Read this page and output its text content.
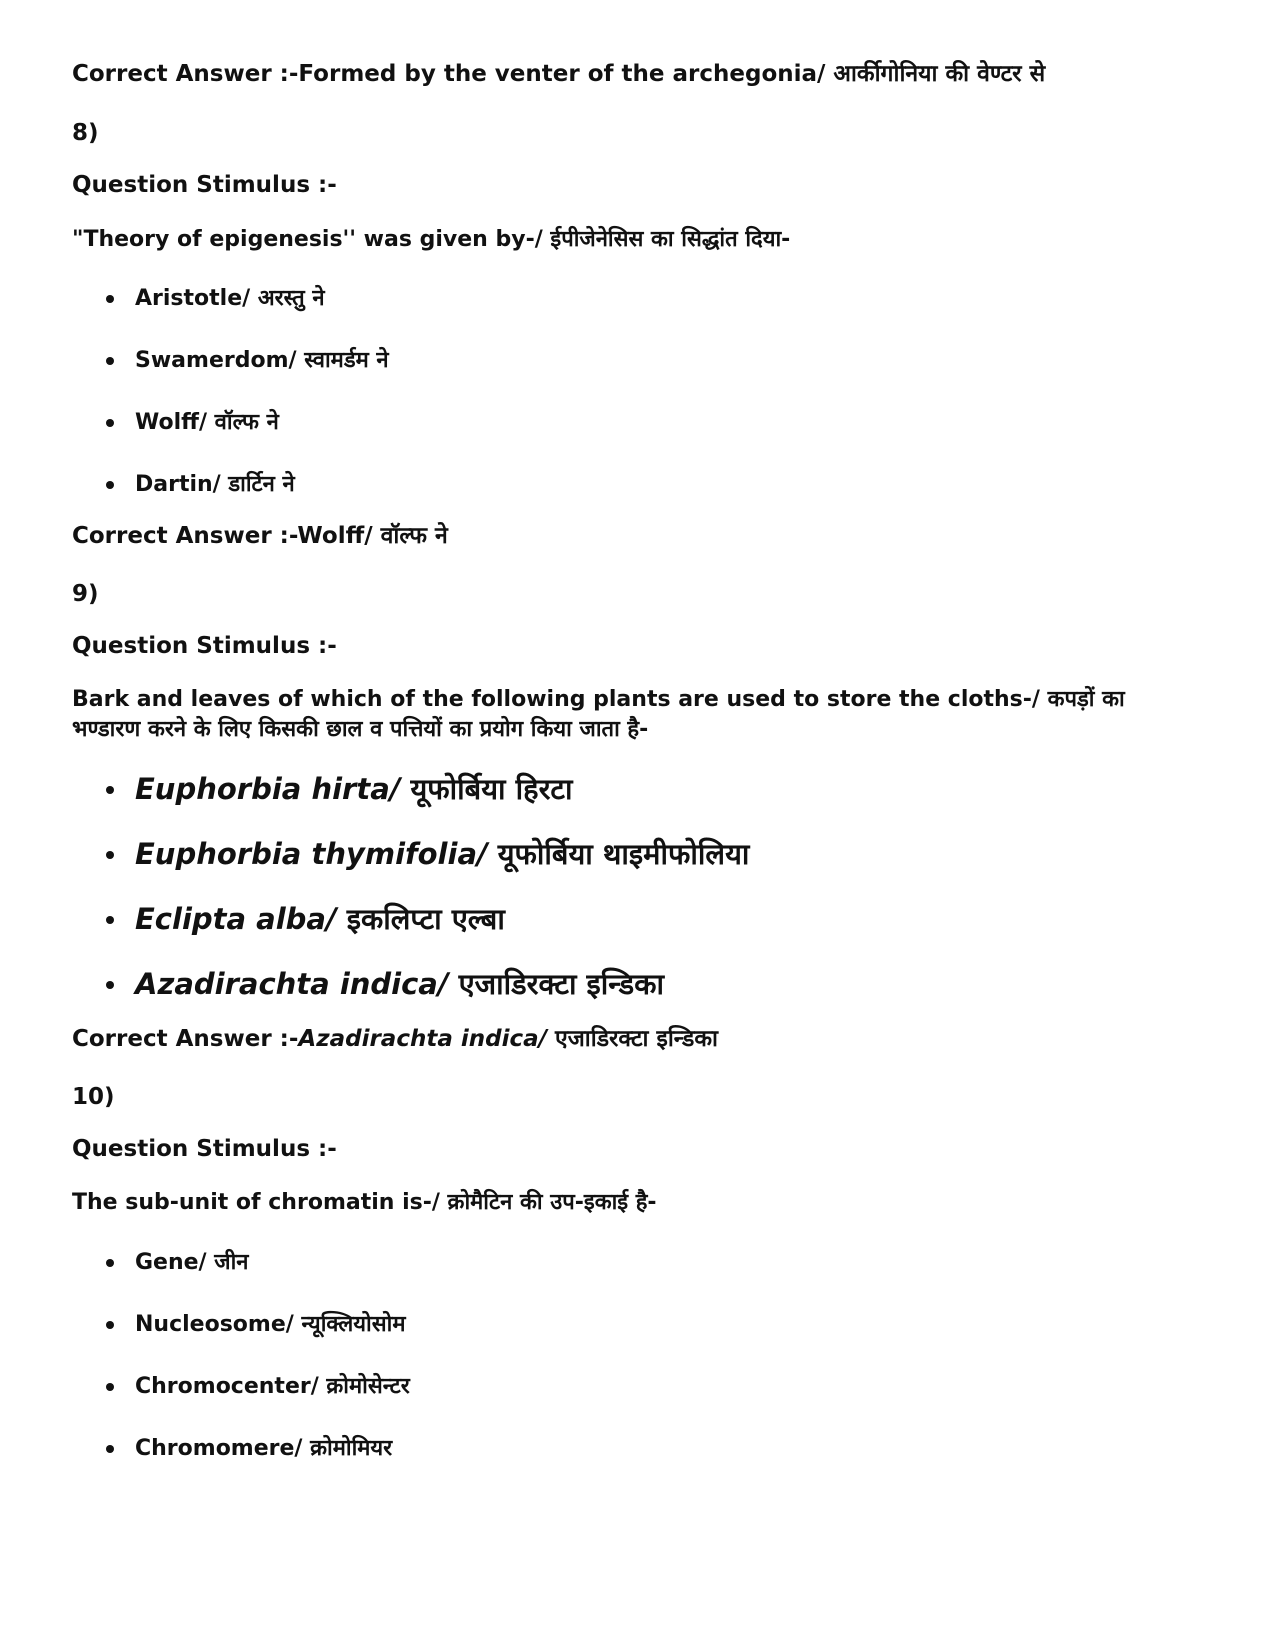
Correct Answer :-Formed by the venter of the archegonia/ आर्कीगोनिया की वेण्टर से
8)
Question Stimulus :-
"Theory of epigenesis'' was given by-/ ईपीजेनेसिस का सिद्धांत दिया-
Aristotle/ अरस्तु ने
Swamerdom/ स्वामर्डम ने
Wolff/ वॉल्फ ने
Dartin/ डार्टिन ने
Correct Answer :-Wolff/ वॉल्फ ने
9)
Question Stimulus :-
Bark and leaves of which of the following plants are used to store the cloths-/ कपड़ों का
भण्डारण करने के लिए किसकी छाल व पत्तियों का प्रयोग किया जाता है-
Euphorbia hirta/ यूफोर्बिया हिरटा
Euphorbia thymifolia/ यूफोर्बिया थाइमीफोलिया
Eclipta alba/ इकलिप्टा एल्बा
Azadirachta indica/ एजाडिरक्टा इन्डिका
Correct Answer :-Azadirachta indica/ एजाडिरक्टा इन्डिका
10)
Question Stimulus :-
The sub-unit of chromatin is-/ क्रोमैटिन की उप-इकाई है-
Gene/ जीन
Nucleosome/ न्यूक्लियोसोम
Chromocenter/ क्रोमोसेन्टर
Chromomere/ क्रोमोमियर
